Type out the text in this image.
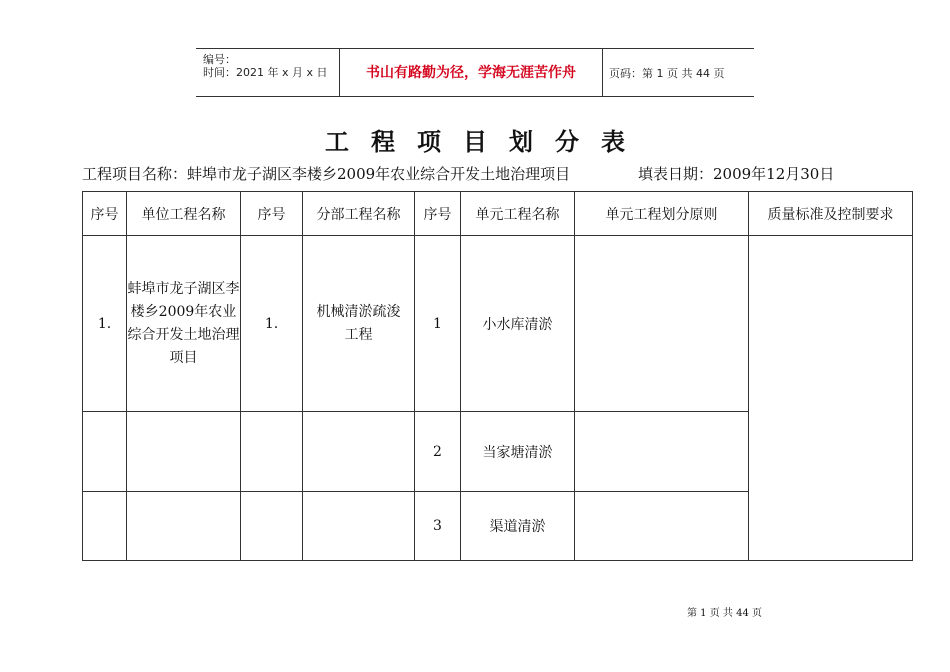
编号：
时间：2021 年 x 月 x 日	书山有路勤为径，学海无涯苦作舟	页码：第 1 页 共 44 页
工程项目划分表
工程项目名称：蚌埠市龙子湖区李楼乡2009年农业综合开发土地治理项目	填表日期：2009年12月30日
序号	单位工程名称	序号	分部工程名称	序号	单元工程名称	单元工程划分原则	质量标准及控制要求
1.	蚌埠市龙子湖区李楼乡2009年农业综合开发土地治理项目	1.	机械清淤疏浚工程	1	小水库清淤		
				2	当家塘清淤		
				3	渠道清淤		
第 1 页 共 44 页
